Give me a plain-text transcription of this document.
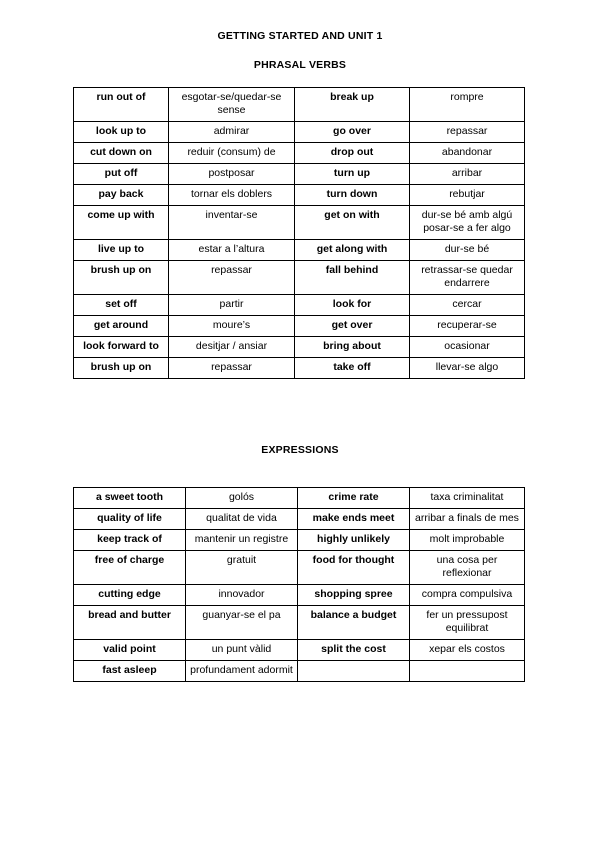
GETTING STARTED AND UNIT 1
PHRASAL VERBS
run out of	esgotar-se/quedar-se sense	break up	rompre
look up to	admirar	go over	repassar
cut down on	reduir (consum) de	drop out	abandonar
put off	postposar	turn up	arribar
pay back	tornar els doblers	turn down	rebutjar
come up with	inventar-se	get on with	dur-se bé amb algú posar-se a fer algo
live up to	estar a l’altura	get along with	dur-se bé
brush up on	repassar	fall behind	retrassar-se quedar endarrere
set off	partir	look for	cercar
get around	moure’s	get over	recuperar-se
look forward to	desitjar / ansiar	bring about	ocasionar
brush up on	repassar	take off	llevar-se algo
EXPRESSIONS
a sweet tooth	golós	crime rate	taxa criminalitat
quality of life	qualitat de vida	make ends meet	arribar a finals de mes
keep track of	mantenir un registre	highly unlikely	molt improbable
free of charge	gratuit	food for thought	una cosa per reflexionar
cutting edge	innovador	shopping spree	compra compulsiva
bread and butter	guanyar-se el pa	balance a budget	fer un pressupost equilibrat
valid point	un punt vàlid	split the cost	xepar els costos
fast asleep	profundament adormit		
